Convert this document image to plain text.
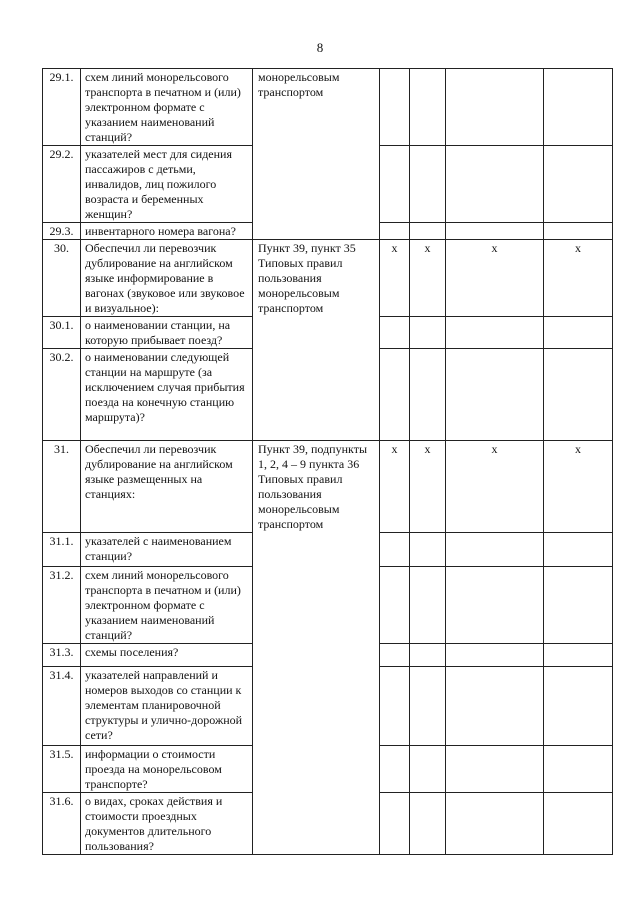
8
29.1.	схем линий монорельсового транспорта в печатном и (или) электронном формате с указанием наименований станций?	монорельсовым транспортом				
29.2.	указателей мест для сидения пассажиров с детьми, инвалидов, лиц пожилого возраста и беременных женщин?					
29.3.	инвентарного номера вагона?					
30.	Обеспечил ли перевозчик дублирование на английском языке информирование в вагонах (звуковое или звуковое и визуальное):	Пункт 39, пункт 35 Типовых правил пользования монорельсовым транспортом	x	x	x	x
30.1.	о наименовании станции, на которую прибывает поезд?					
30.2.	о наименовании следующей станции на маршруте (за исключением случая прибытия поезда на конечную станцию маршрута)?					
31.	Обеспечил ли перевозчик дублирование на английском языке размещенных на станциях:	Пункт 39, подпункты 1, 2, 4 – 9 пункта 36 Типовых правил пользования монорельсовым транспортом	x	x	x	x
31.1.	указателей с наименованием станции?					
31.2.	схем линий монорельсового транспорта в печатном и (или) электронном формате с указанием наименований станций?					
31.3.	схемы поселения?					
31.4.	указателей направлений и номеров выходов со станции к элементам планировочной структуры и улично-дорожной сети?					
31.5.	информации о стоимости проезда на монорельсовом транспорте?					
31.6.	о видах, сроках действия и стоимости проездных документов длительного пользования?					
